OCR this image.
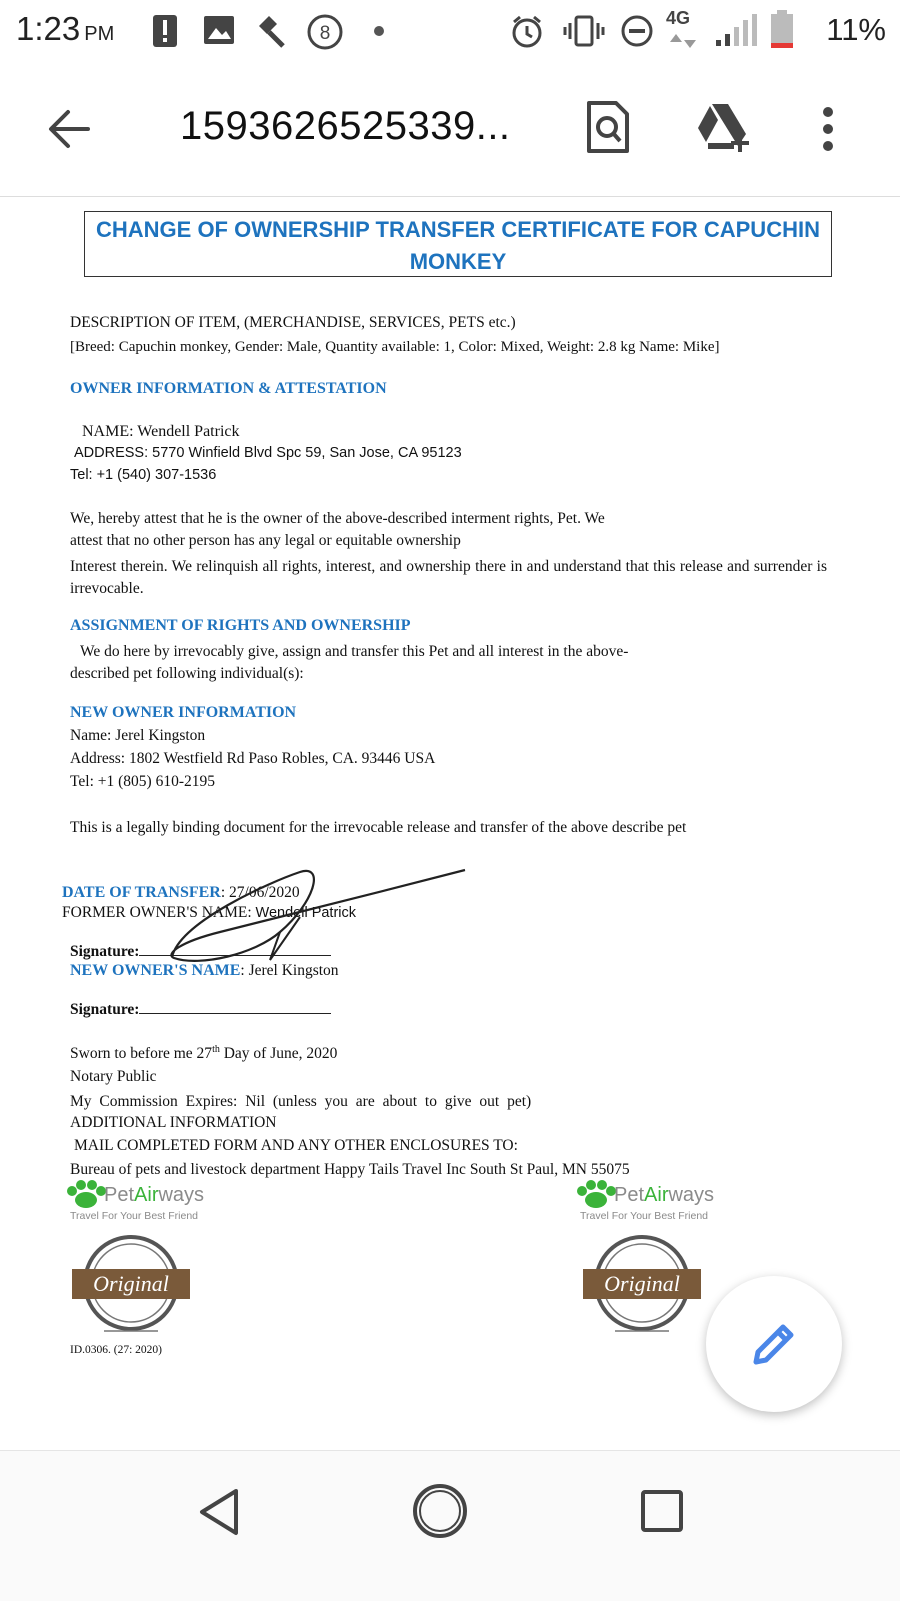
1:23 PM	8
4G	11%
1593626525339...
CHANGE OF OWNERSHIP TRANSFER CERTIFICATE FOR CAPUCHIN
MONKEY
DESCRIPTION OF ITEM, (MERCHANDISE, SERVICES, PETS etc.)
[Breed: Capuchin monkey, Gender: Male, Quantity available: 1, Color: Mixed, Weight: 2.8 kg Name: Mike]
OWNER INFORMATION & ATTESTATION
NAME: Wendell Patrick
ADDRESS: 5770 Winfield Blvd Spc 59, San Jose, CA 95123
Tel: +1 (540) 307-1536
We, hereby attest that he is the owner of the above-described interment rights, Pet. We
attest that no other person has any legal or equitable ownership
Interest therein. We relinquish all rights, interest, and ownership there in and understand that this release and surrender is irrevocable.
ASSIGNMENT OF RIGHTS AND OWNERSHIP
We do here by irrevocably give, assign and transfer this Pet and all interest in the above-
described pet following individual(s):
NEW OWNER INFORMATION
Name: Jerel Kingston
Address: 1802 Westfield Rd Paso Robles, CA. 93446 USA
Tel: +1 (805) 610-2195
This is a legally binding document for the irrevocable release and transfer of the above describe pet
DATE OF TRANSFER: 27/06/2020
FORMER OWNER'S NAME: Wendell Patrick
Signature:
NEW OWNER'S NAME: Jerel Kingston
Signature:
Sworn to before me 27th Day of June, 2020
Notary Public
My Commission Expires: Nil (unless you are about to give out pet)
ADDITIONAL INFORMATION
MAIL COMPLETED FORM AND ANY OTHER ENCLOSURES TO:
Bureau of pets and livestock department Happy Tails Travel Inc South St Paul, MN 55075
PetAirways
Travel For Your Best Friend
PetAirways
Travel For Your Best Friend
Original	Original
ID.0306. (27: 2020)
